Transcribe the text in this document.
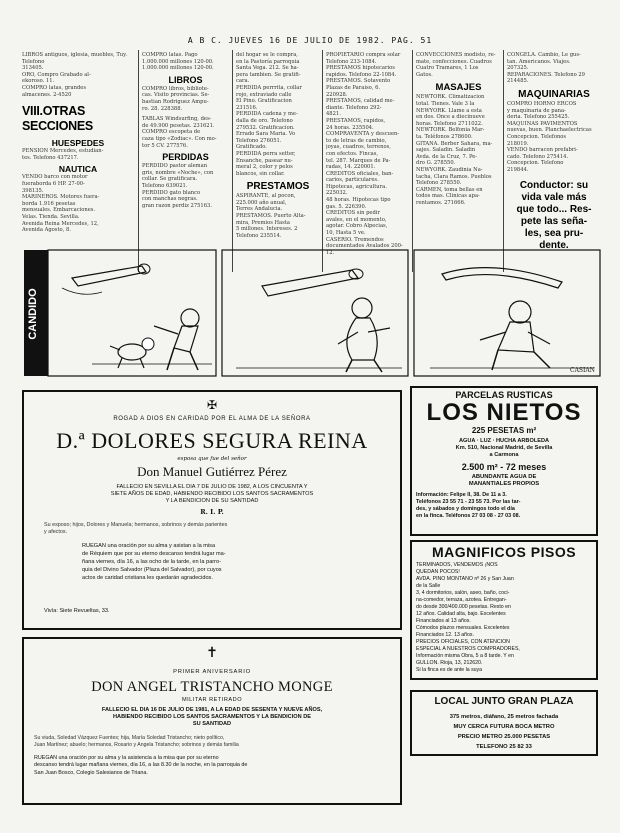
A B C. JUEVES 16 DE JULIO DE 1982. PAG. 51
LIBROS antiguos, iglesia, muebles, Tuy. Telefono
313405.
ORO, Compro Grabado al-
ekoroso. 11.
COMPRO latas, grandes
almacenes. 2-4520
VIII.OTRAS SECCIONES
HUESPEDES
PENSION Mercedes, estudian-
tes. Telefono 437217.
NAUTICA
VENDO barco con motor
fueraborda 6 HP. 27-00-
398135.
MARINEROS. Motores fuera-
borda 1.916 pesetas
mensuales. Embarcaciones.
Velas. Tienda. Sevilla.
Avenida Reina Mercedes, 12,
Avenida Agosto, 8.
COMPRO latas. Pago
1.000.000 millones 120-00.
1.000.000 millones 120-00.
LIBROS
COMPRO libros, bibliote-
cas. Visito provincias. Se-
bastian Rodriguez Ampu-
ro. 28. 228388.
TABLAS Windsurfing, des-
de 49.900 pesetas. 231621.
COMPRO escopeta de
caza tipo «Zodiac». Con mo-
tor 5 CV. 277576.
PERDIDAS
PERDIDO pastor aleman
gris, nombre «Noche», con
collar. Se gratificara.
Telefono 639021.
PERDIDO gato blanco
con manchas negras.
gran razon perdiz 275163.
del hogar se le compra,
en la Pastoría parroquia
Santa Vega. 212. Se ha-
pera tambien. Se gratifi-
cara.
PERDIDA perrrita, collar
rojo, extraviado calle
El Pino. Gratificacion
231516.
PERDIDA cadena y me-
dalla de oro. Telefono
279532. Gratificacion.
Errado Sara Maria. Vo
Telefono 276051.
Gratificado.
PERDIDA perra setter,
Ensanche, pasear nu-
meral 2, color y pelos
blancos, sin collar.
PRESTAMOS
ASPIRANTE, al pocon,
225.000 año anual,
Terres Andalucia.
PRESTAMOS. Puerto Alta-
mira, Premios Hasta
5 millones. Intereses. 2
Telefono 235514.
PROPIETARIO compra solar
Telefono 233-1084.
PRESTAMOS hipotecarios
rapidos. Telefono 22-1084.
PRESTAMOS. Sotavento
Plazas de Paraiso, 6.
220928.
PRESTAMOS, calidad me-
diante. Telefono 292-
4821.
PRESTAMOS, rapidos,
24 horas. 235504.
COMPRAVENTA y descuen-
to de letras de cambio,
joyas, cuadros, terrenos,
con efectos. Fincas,
tel. 287. Marques de Pa-
radas, 14. 220001.
CREDITOS oficiales, ban-
carios, particulares.
Hipotecas, agricultura.
225032.
48 horas. Hipotecas tipo
gas. 5. 226390.
CREDITOS sin pedir
avales, en el momento,
agotar. Cobro Alpecias,
10, Hasta 5 ve.
CASERIO. Tremendos
documentados Avalados 200-12.
CONVECCIONES modisto, re-
mate, confecciones. Cuadros
Cuatro Tramares, 1 Los
Gatos.
MASAJES
NEWTORK. Climatizacion
total. Tienes. Vale 3 la
NEWYORK. Llame a esta
en dos. Once a diecinueve
horas. Telefono 2711022.
NEWTORK. Belfonia Mar-
ta. Teléfonos 278600.
GITANA. Berber Sahara, ma-
sajes. Saladin. Saladin
Avda. de la Cruz, 7. Pe-
dro G. 278550.
NEWYORK. Zaudinia Na-
tacha, Clara Ramos. Pueblos
Telefono 278550.
CARMEN, toma bellas en
todos mas. Clinicas apa-
rentamos. 271666.
CONGELA. Cambio, Le gus-
tan. Americanos. Viajes.
207325.
REPARACIONES. Telefono 29
214485.
MAQUINARIAS
COMPRO HORNO ERCOS
y maquinaria de pana-
deria. Telefono 255425.
MAQUINAS PAVIMENTOS
nuevas, buen. Planchaelectricas
Concepcion. Telefonos
218019.
VENDO barracon prefabri-
cado. Telefono 275414.
Concepcion. Telefono
219844.
Conductor: su
vida vale más
que todo... Res-
pete las seña-
les, sea pru-
dente.
CANDIDO
CASIAN
✠
ROGAD A DIOS EN CARIDAD POR EL ALMA DE LA SEÑORA
D.ª DOLORES SEGURA REINA
esposa que fue del señor
Don Manuel Gutiérrez Pérez
FALLECIO EN SEVILLA EL DIA 7 DE JULIO DE 1982, A LOS CINCUENTA Y
SIETE AÑOS DE EDAD, HABIENDO RECIBIDO LOS SANTOS SACRAMENTOS
Y LA BENDICION DE SU SANTIDAD
R. I. P.
Su esposo; hijos, Dolores y Manuela; hermanos, sobrinos y demás parientes
y afectos.
RUEGAN una oración por su alma y asistan a la misa
de Réquiem que por su eterno descanso tendrá lugar ma-
ñana viernes, día 16, a las ocho de la tarde, en la parro-
quia del Divino Salvador (Plaza del Salvador), por cuyos
actos de caridad cristiana les quedarán agradecidos.
Vivía: Siete Revueltas, 33.
✝
PRIMER ANIVERSARIO
DON ANGEL TRISTANCHO MONGE
MILITAR RETIRADO
FALLECIO EL DIA 16 DE JULIO DE 1981, A LA EDAD DE SESENTA Y NUEVE AÑOS,
HABIENDO RECIBIDO LOS SANTOS SACRAMENTOS Y LA BENDICION DE
SU SANTIDAD
Su viuda, Soledad Vázquez Fuentes; hija, María Soledad Tristancho; nieto político,
Juan Martínez; abuelo; hermanos, Rosario y Angela Tristancho; sobrinos y demás familia
RUEGAN una oración por su alma y la asistencia a la misa que por su eterno
descanso tendrá lugar mañana viernes, día 16, a las 8.30 de la noche, en la parroquia de
San Juan Bosco, Colegio Salesianos de Triana.
PARCELAS RUSTICAS
LOS NIETOS
225 PESETAS m²
AGUA · LUZ · HUCHA ARBOLEDA
Km. 510, Nacional Madrid, de Sevilla
a Carmona
2.500 m² - 72 meses
ABUNDANTE AGUA DE
MANANTIALES PROPIOS
Información: Felipe II, 38. De 11 a 3.
Teléfonos 23 55 71 - 23 55 73. Por las tar-
des, y sábados y domingos todo el día
en la finca. Teléfonos 27 03 08 - 27 03 08.
MAGNIFICOS PISOS
TERMINADOS, VENDEMOS ¡NOS
QUEDAN POCOS!
AVDA. PINO MONTANO nº 26 y San Juan
de la Salle
3, 4 dormitorios, salón, aseo, baño, coci-
na-comedor, terraza, azotea. Entregan-
do desde 300/400.000 pesetas. Resto en
12 años. Calidad alta, bajo. Excelentes
Financiados al 13 años.
Cómodos plazos mensuales. Excelentes
Financiados 12. 13 años.
PRECIOS OFICIALES, CON ATENCION
ESPECIAL A NUESTROS COMPRADORES,
Información misma Obra, 5 a 8 tarde. Y en
GULLON. Rioja, 13, 212620.
Si la finca es de ante la suya
LOCAL JUNTO GRAN PLAZA
375 metros, diáfano, 25 metros fachada
MUY CERCA FUTURA BOCA METRO
PRECIO METRO 25.000 PESETAS
TELEFONO 25 82 33
